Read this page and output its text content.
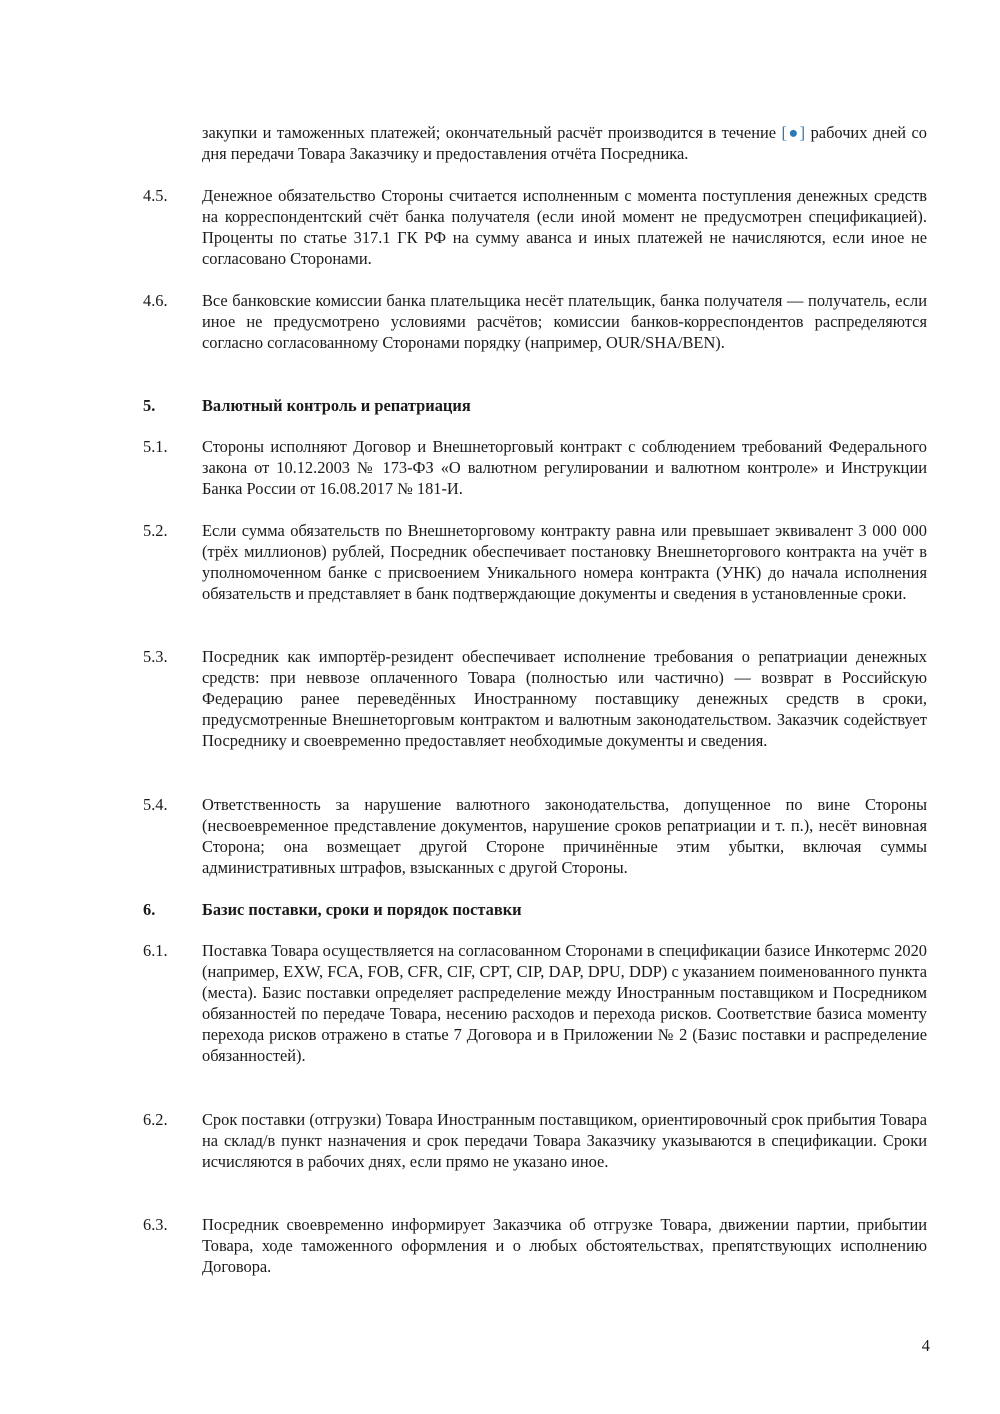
закупки и таможенных платежей; окончательный расчёт производится в течение [●] рабочих дней со дня передачи Товара Заказчику и предоставления отчёта Посредника.
4.5.	Денежное обязательство Стороны считается исполненным с момента поступления денежных средств на корреспондентский счёт банка получателя (если иной момент не предусмотрен спецификацией). Проценты по статье 317.1 ГК РФ на сумму аванса и иных платежей не начисляются, если иное не согласовано Сторонами.
4.6.	Все банковские комиссии банка плательщика несёт плательщик, банка получателя — получатель, если иное не предусмотрено условиями расчётов; комиссии банков-корреспондентов распределяются согласно согласованному Сторонами порядку (например, OUR/SHA/BEN).
5.	Валютный контроль и репатриация
5.1.	Стороны исполняют Договор и Внешнеторговый контракт с соблюдением требований Федерального закона от 10.12.2003 № 173-ФЗ «О валютном регулировании и валютном контроле» и Инструкции Банка России от 16.08.2017 № 181-И.
5.2.	Если сумма обязательств по Внешнеторговому контракту равна или превышает эквивалент 3 000 000 (трёх миллионов) рублей, Посредник обеспечивает постановку Внешнеторгового контракта на учёт в уполномоченном банке с присвоением Уникального номера контракта (УНК) до начала исполнения обязательств и представляет в банк подтверждающие документы и сведения в установленные сроки.
5.3.	Посредник как импортёр-резидент обеспечивает исполнение требования о репатриации денежных средств: при неввозе оплаченного Товара (полностью или частично) — возврат в Российскую Федерацию ранее переведённых Иностранному поставщику денежных средств в сроки, предусмотренные Внешнеторговым контрактом и валютным законодательством. Заказчик содействует Посреднику и своевременно предоставляет необходимые документы и сведения.
5.4.	Ответственность за нарушение валютного законодательства, допущенное по вине Стороны (несвоевременное представление документов, нарушение сроков репатриации и т. п.), несёт виновная Сторона; она возмещает другой Стороне причинённые этим убытки, включая суммы административных штрафов, взысканных с другой Стороны.
6.	Базис поставки, сроки и порядок поставки
6.1.	Поставка Товара осуществляется на согласованном Сторонами в спецификации базисе Инкотермс 2020 (например, EXW, FCA, FOB, CFR, CIF, CPT, CIP, DAP, DPU, DDP) с указанием поименованного пункта (места). Базис поставки определяет распределение между Иностранным поставщиком и Посредником обязанностей по передаче Товара, несению расходов и перехода рисков. Соответствие базиса моменту перехода рисков отражено в статье 7 Договора и в Приложении № 2 (Базис поставки и распределение обязанностей).
6.2.	Срок поставки (отгрузки) Товара Иностранным поставщиком, ориентировочный срок прибытия Товара на склад/в пункт назначения и срок передачи Товара Заказчику указываются в спецификации. Сроки исчисляются в рабочих днях, если прямо не указано иное.
6.3.	Посредник своевременно информирует Заказчика об отгрузке Товара, движении партии, прибытии Товара, ходе таможенного оформления и о любых обстоятельствах, препятствующих исполнению Договора.
4
